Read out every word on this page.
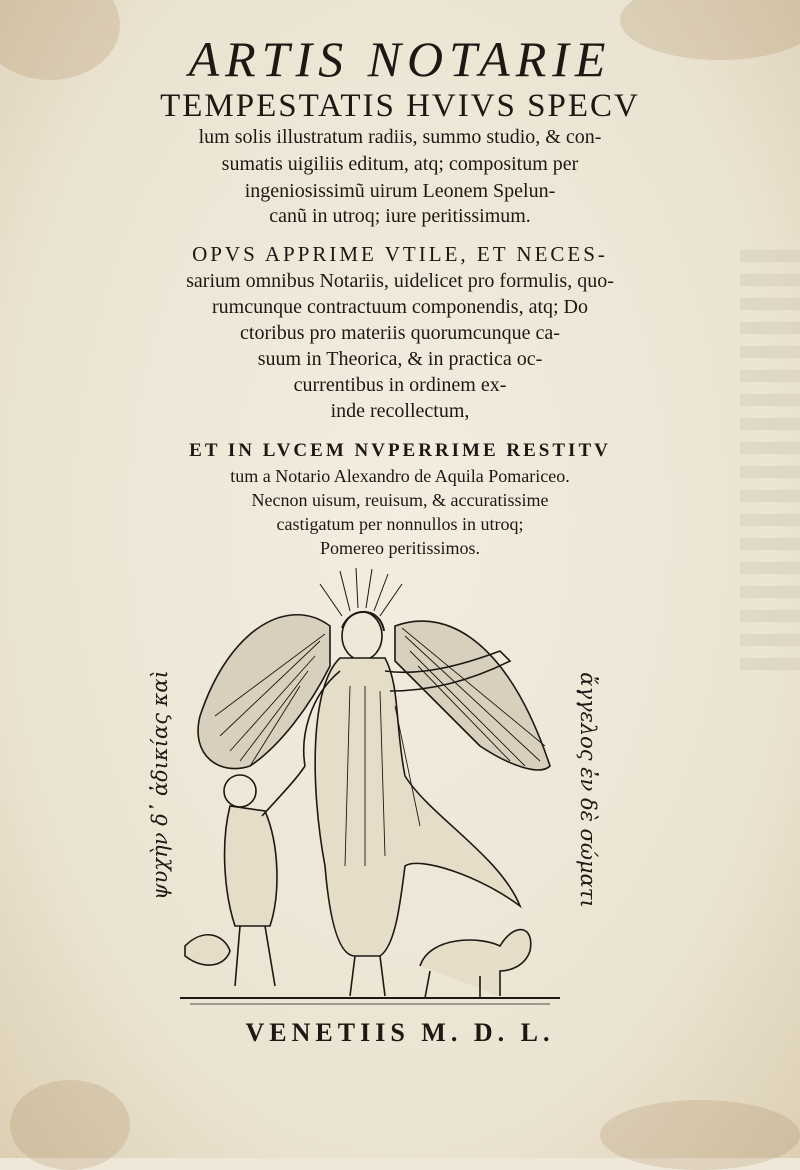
ARTIS NOTARIE
TEMPESTATIS HVIVS SPECV
lum solis illustratum radiis, summo studio, & con-
sumatis uigiliis editum, atq; compositum per
ingeniosissimũ uirum Leonem Spelun-
canũ in utroq; iure peritissimum.
OPVS APPRIME VTILE, ET NECES-
sarium omnibus Notariis, uidelicet pro formulis, quo-
rumcunque contractuum componendis, atq; Do
ctoribus pro materiis quorumcunque ca-
suum in Theorica, & in practica oc-
currentibus in ordinem ex-
inde recollectum,
ET IN LVCEM NVPERRIME RESTITV
tum a Notario Alexandro de Aquila Pomariceo.
Necnon uisum, reuisum, & accuratissime
castigatum per nonnullos in utroq;
Pomereo peritissimos.
ψυχὴν δ᾽ ἀδικίας καὶ	ἄγγελος ἐν δὲ σώματι
VENETIIS M. D. L.
